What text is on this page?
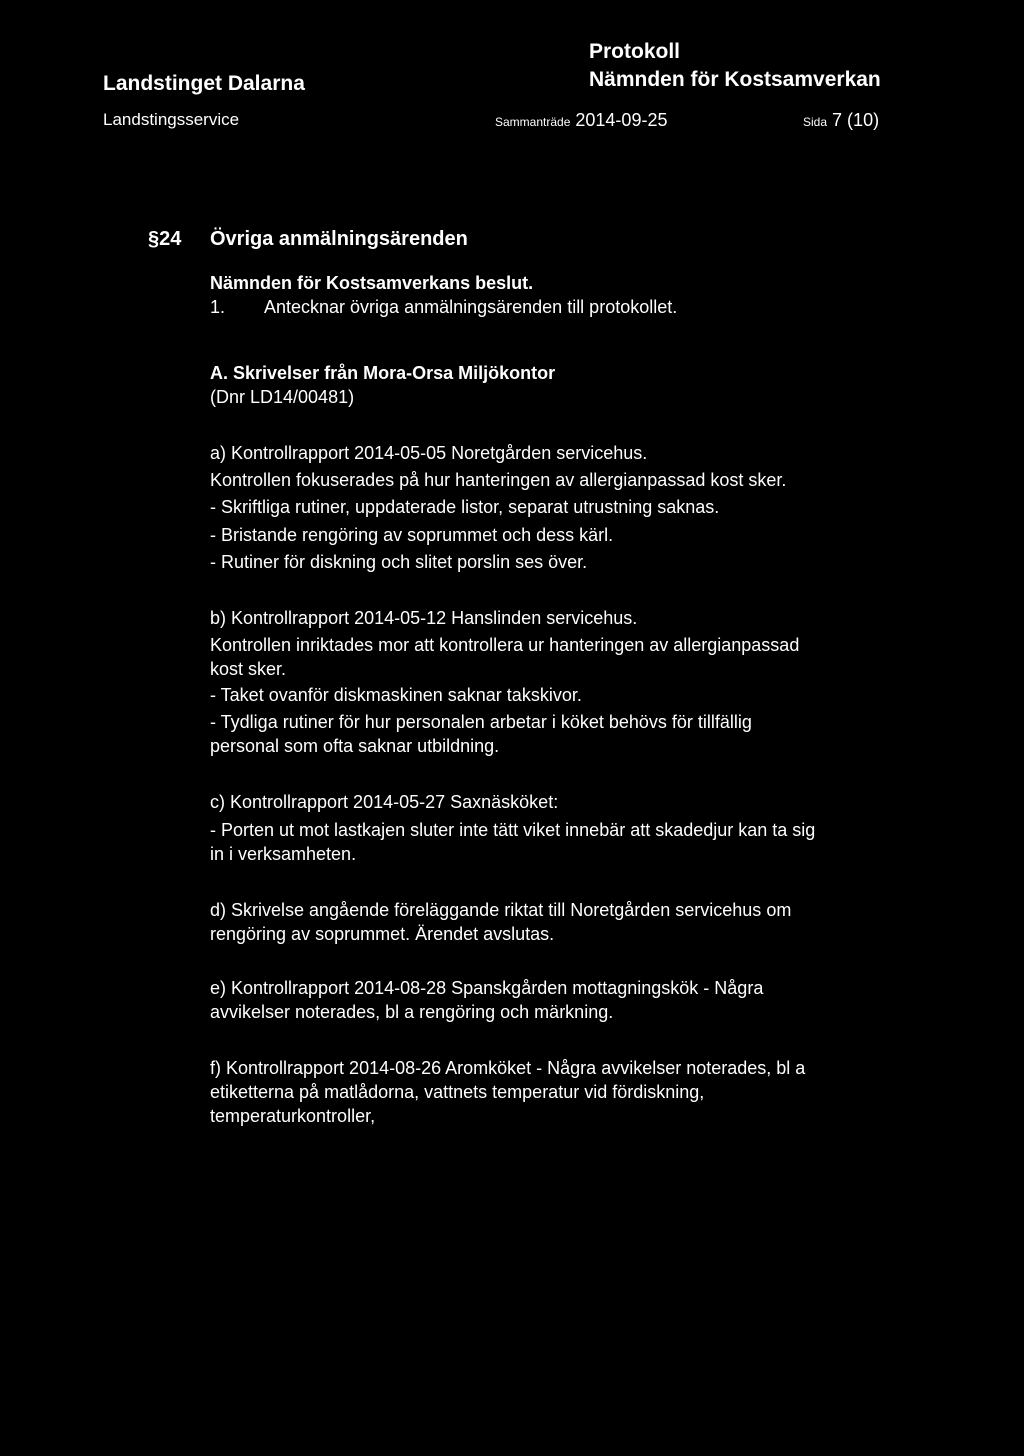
Landstinget Dalarna
Protokoll
Nämnden för Kostsamverkan
Landstingsservice	Sammanträde 2014-09-25	Sida 7 (10)
§24 Övriga anmälningsärenden
Nämnden för Kostsamverkans beslut.
1. Antecknar övriga anmälningsärenden till protokollet.
A. Skrivelser från Mora-Orsa Miljökontor
(Dnr LD14/00481)
a) Kontrollrapport 2014-05-05 Noretgården servicehus.
Kontrollen fokuserades på hur hanteringen av allergianpassad kost sker.
- Skriftliga rutiner, uppdaterade listor, separat utrustning saknas.
- Bristande rengöring av soprummet och dess kärl.
- Rutiner för diskning och slitet porslin ses över.
b) Kontrollrapport 2014-05-12 Hanslinden servicehus.
Kontrollen inriktades mor att kontrollera ur hanteringen av allergianpassad
kost sker.
- Taket ovanför diskmaskinen saknar takskivor.
- Tydliga rutiner för hur personalen arbetar i köket behövs för tillfällig
personal som ofta saknar utbildning.
c) Kontrollrapport 2014-05-27 Saxnäsköket:
- Porten ut mot lastkajen sluter inte tätt viket innebär att skadedjur kan ta sig
in i verksamheten.
d) Skrivelse angående föreläggande riktat till Noretgården servicehus om
rengöring av soprummet. Ärendet avslutas.
e) Kontrollrapport 2014-08-28 Spanskgården mottagningskök - Några
avvikelser noterades, bl a rengöring och märkning.
f) Kontrollrapport 2014-08-26 Aromköket - Några avvikelser noterades, bl a
etiketterna på matlådorna, vattnets temperatur vid fördiskning,
temperaturkontroller,
